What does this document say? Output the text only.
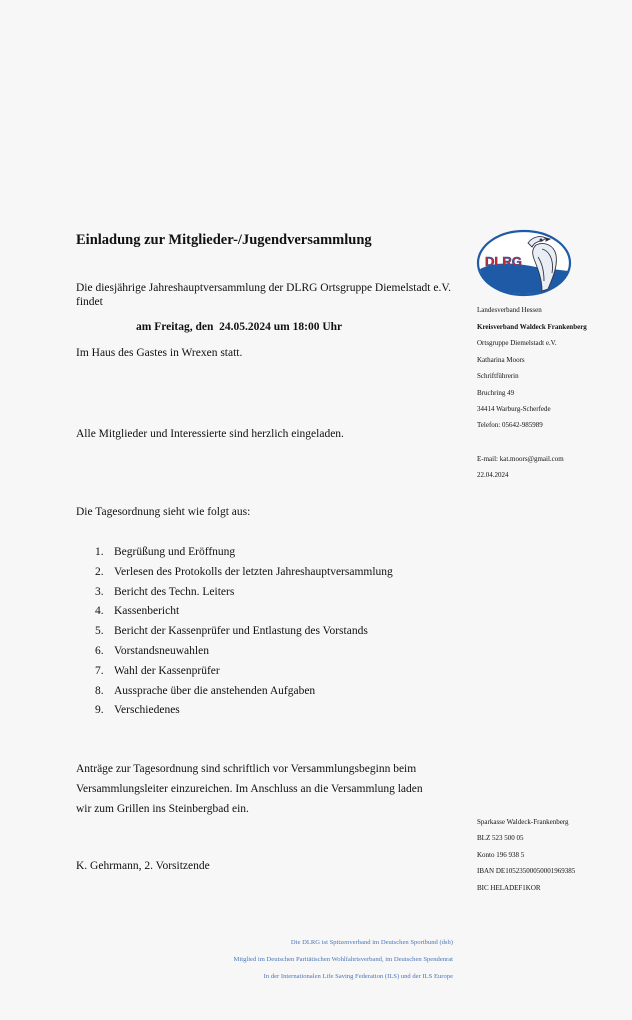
Einladung zur Mitglieder-/Jugendversammlung
Die diesjährige Jahreshauptversammlung der DLRG Ortsgruppe Diemelstadt e.V. findet
am Freitag, den  24.05.2024 um 18:00 Uhr
Im Haus des Gastes in Wrexen statt.
Alle Mitglieder und Interessierte sind herzlich eingeladen.
Die Tagesordnung sieht wie folgt aus:
1. Begrüßung und Eröffnung
2. Verlesen des Protokolls der letzten Jahreshauptversammlung
3. Bericht des Techn. Leiters
4. Kassenbericht
5. Bericht der Kassenprüfer und Entlastung des Vorstands
6. Vorstandsneuwahlen
7. Wahl der Kassenprüfer
8. Aussprache über die anstehenden Aufgaben
9. Verschiedenes
Anträge zur Tagesordnung sind schriftlich vor Versammlungsbeginn beim Versammlungsleiter einzureichen. Im Anschluss an die Versammlung laden wir zum Grillen ins Steinbergbad ein.
K. Gehrmann, 2. Vorsitzende
DLRG
Landesverband Hessen
Kreisverband Waldeck Frankenberg
Ortsgruppe Diemelstadt e.V.
Katharina Moors
Schriftführerin
Bruchring 49
34414 Warburg-Scherfede
Telefon: 05642-985989
E-mail: kat.moors@gmail.com
22.04.2024
Sparkasse Waldeck-Frankenberg
BLZ 523 500 05
Konto 196 938 5
IBAN DE10523500050001969385
BIC HELADEF1KOR
Die DLRG ist Spitzenverband im Deutschen Sportbund (dsb)
Mitglied im Deutschen Paritätischen Wohlfahrtsverband, im Deutschen Spendenrat
In der Internationalen Life Saving Federation (ILS) und der ILS Europe
